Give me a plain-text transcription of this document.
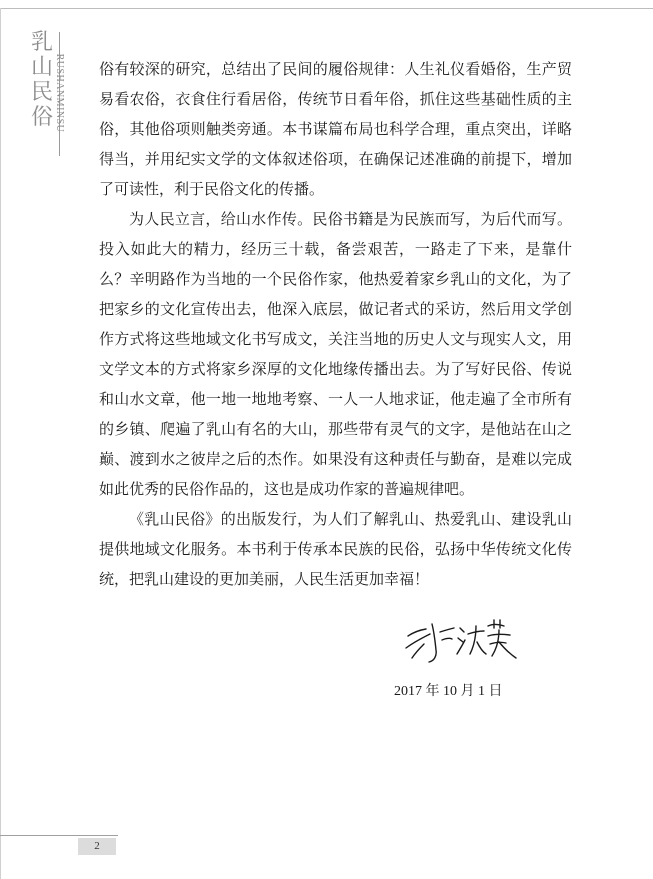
乳山民俗 RUSHANMINSU 俗有较深的研究，总结出了民间的履俗规律：人生礼仪看婚俗，生产贸易看农俗，衣食住行看居俗，传统节日看年俗，抓住这些基础性质的主俗，其他俗项则触类旁通。本书谋篇布局也科学合理，重点突出，详略得当，并用纪实文学的文体叙述俗项，在确保记述准确的前提下，增加了可读性，利于民俗文化的传播。

为人民立言，给山水作传。民俗书籍是为民族而写，为后代而写。投入如此大的精力，经历三十载，备尝艰苦，一路走了下来，是靠什么？辛明路作为当地的一个民俗作家，他热爱着家乡乳山的文化，为了把家乡的文化宣传出去，他深入底层，做记者式的采访，然后用文学创作方式将这些地域文化书写成文，关注当地的历史人文与现实人文，用文学文本的方式将家乡深厚的文化地缘传播出去。为了写好民俗、传说和山水文章，他一地一地地考察、一人一人地求证，他走遍了全市所有的乡镇、爬遍了乳山有名的大山，那些带有灵气的文字，是他站在山之巅、渡到水之彼岸之后的杰作。如果没有这种责任与勤奋，是难以完成如此优秀的民俗作品的，这也是成功作家的普遍规律吧。

《乳山民俗》的出版发行，为人们了解乳山、热爱乳山、建设乳山提供地域文化服务。本书利于传承本民族的民俗，弘扬中华传统文化传统，把乳山建设的更加美丽，人民生活更加幸福！

2017 年 10 月 1 日
2
